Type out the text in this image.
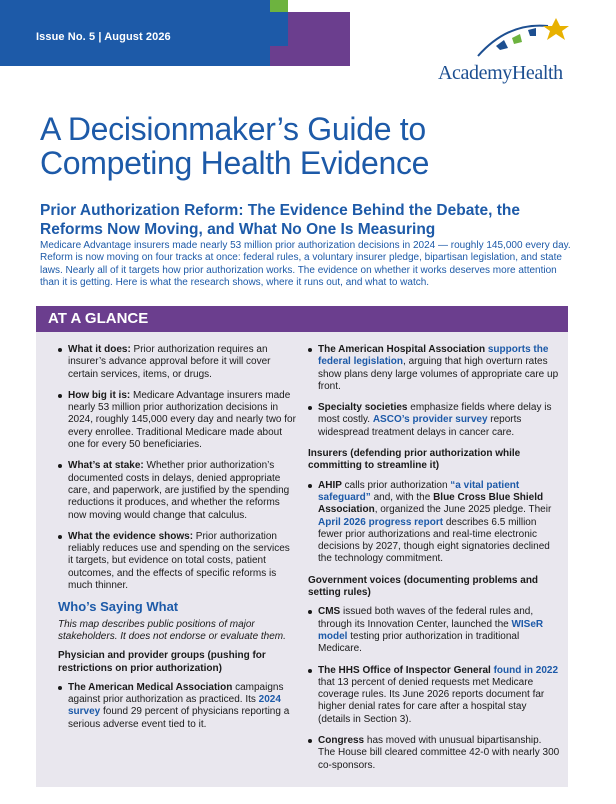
Issue No. 5 | August 2026
AcademyHealth
A Decisionmaker’s Guide to Competing Health Evidence
Prior Authorization Reform: The Evidence Behind the Debate, the Reforms Now Moving, and What No One Is Measuring

Medicare Advantage insurers made nearly 53 million prior authorization decisions in 2024 — roughly 145,000 every day. Reform is now moving on four tracks at once: federal rules, a voluntary insurer pledge, bipartisan legislation, and state laws. Nearly all of it targets how prior authorization works. The evidence on whether it works deserves more attention than it is getting. Here is what the research shows, where it runs out, and what to watch.

AT A GLANCE
What it does: Prior authorization requires an insurer’s advance approval before it will cover certain services, items, or drugs.
How big it is: Medicare Advantage insurers made nearly 53 million prior authorization decisions in 2024, roughly 145,000 every day and nearly two for every enrollee. Traditional Medicare made about one for every 50 beneficiaries.
What’s at stake: Whether prior authorization’s documented costs in delays, denied appropriate care, and paperwork, are justified by the spending reductions it produces, and whether the reforms now moving would change that calculus.
What the evidence shows: Prior authorization reliably reduces use and spending on the services it targets, but evidence on total costs, patient outcomes, and the effects of specific reforms is much thinner.
Who’s Saying What

This map describes public positions of major stakeholders. It does not endorse or evaluate them.

Physician and provider groups (pushing for restrictions on prior authorization)

The American Medical Association campaigns against prior authorization as practiced. Its 2024 survey found 29 percent of physicians reporting a serious adverse event tied to it.
The American Hospital Association supports the federal legislation, arguing that high overturn rates show plans deny large volumes of appropriate care up front.
Specialty societies emphasize fields where delay is most costly. ASCO’s provider survey reports widespread treatment delays in cancer care.

Insurers (defending prior authorization while committing to streamline it)

AHIP calls prior authorization “a vital patient safeguard” and, with the Blue Cross Blue Shield Association, organized the June 2025 pledge. Their April 2026 progress report describes 6.5 million fewer prior authorizations and real-time electronic decisions by 2027, though eight signatories declined the technology commitment.

Government voices (documenting problems and setting rules)

CMS issued both waves of the federal rules and, through its Innovation Center, launched the WISeR model testing prior authorization in traditional Medicare.
The HHS Office of Inspector General found in 2022 that 13 percent of denied requests met Medicare coverage rules. Its June 2026 reports document far higher denial rates for care after a hospital stay (details in Section 3).
Congress has moved with unusual bipartisanship. The House bill cleared committee 42-0 with nearly 300 co-sponsors.
